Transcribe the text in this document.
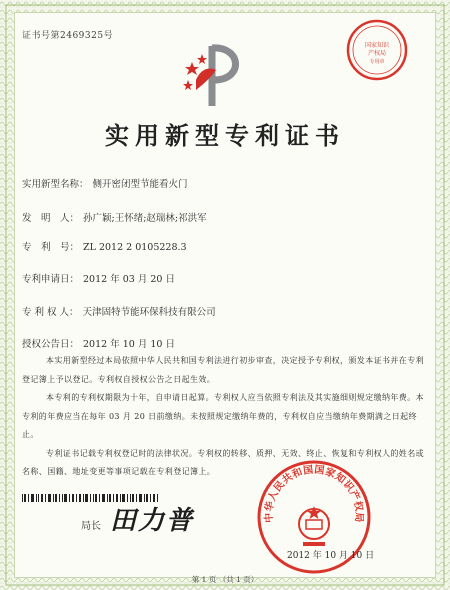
证书号第2469325号
国家知识
产权局
专用章
实用新型专利证书
实用新型名称： 侧开密闭型节能看火门
发　明　人： 孙广颖;王怀绪;赵瑞林;祁洪军
专　利　号： ZL 2012 2 0105228.3
专利申请日： 2012 年 03 月 20 日
专 利 权 人： 天津固特节能环保科技有限公司
授权公告日： 2012 年 10 月 10 日

本实用新型经过本局依照中华人民共和国专利法进行初步审查，决定授予专利权，颁发本证书并在专利登记簿上予以登记。专利权自授权公告之日起生效。

本专利的专利权期限为十年，自申请日起算。专利权人应当依照专利法及其实施细则规定缴纳年费。本专利的年费应当在每年 03 月 20 日前缴纳。未按照规定缴纳年费的，专利权自应当缴纳年费期满之日起终止。

专利证书记载专利权登记时的法律状况。专利权的转移、质押、无效、终止、恢复和专利权人的姓名或名称、国籍、地址变更等事项记载在专利登记簿上。

局长 田力普	中华人民共和国国家知识产权局
2012 年 10 月 10 日
第 1 页 （共 1 页）
